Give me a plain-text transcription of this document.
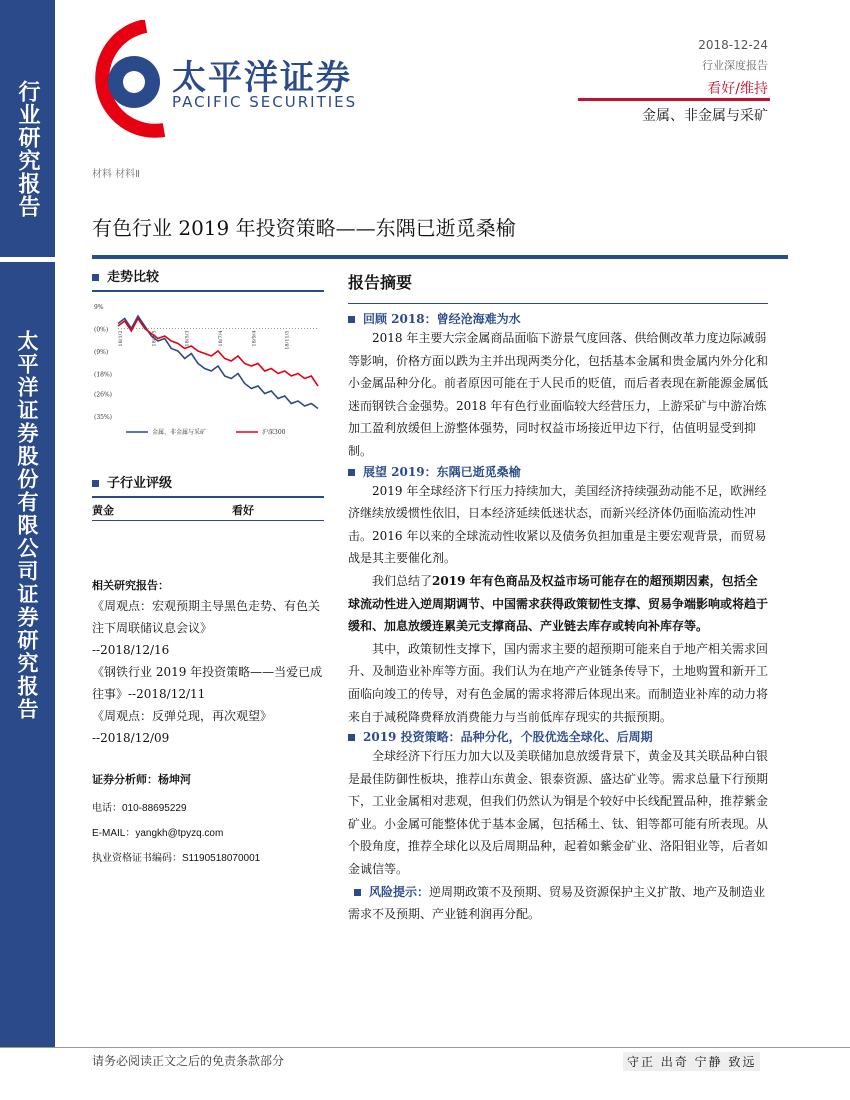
行业研究报告
太平洋证券股份有限公司证券研究报告
太平洋证券
PACIFIC SECURITIES
2018-12-24
行业深度报告
看好/维持
金属、非金属与采矿
材料 材料Ⅱ
有色行业 2019 年投资策略——东隅已逝觅桑榆
走势比较
9%
(0%)
(9%)
(18%)
(26%)
(35%)
18/1/2	18/3/5	18/5/3	18/7/4	18/9/4	18/11/5
金属、非金属与采矿	沪深300
子行业评级
黄金	看好
相关研究报告：
《周观点：宏观预期主导黑色走势、有色关注下周联储议息会议》
--2018/12/16
《钢铁行业 2019 年投资策略——当爱已成往事》--2018/12/11
《周观点：反弹兑现，再次观望》
--2018/12/09
证券分析师：杨坤河
电话：010-88695229
E-MAIL：yangkh@tpyzq.com
执业资格证书编码：S1190518070001
报告摘要
回顾 2018：曾经沧海难为水

2018 年主要大宗金属商品面临下游景气度回落、供给侧改革力度边际减弱等影响，价格方面以跌为主并出现两类分化，包括基本金属和贵金属内外分化和小金属品种分化。前者原因可能在于人民币的贬值，而后者表现在新能源金属低迷而钢铁合金强势。2018 年有色行业面临较大经营压力，上游采矿与中游冶炼加工盈利放缓但上游整体强势，同时权益市场接近甲边下行，估值明显受到抑制。

展望 2019：东隅已逝觅桑榆

2019 年全球经济下行压力持续加大，美国经济持续强劲动能不足，欧洲经济继续放缓惯性依旧，日本经济延续低迷状态，而新兴经济体仍面临流动性冲击。2016 年以来的全球流动性收紧以及债务负担加重是主要宏观背景，而贸易战是其主要催化剂。

我们总结了2019 年有色商品及权益市场可能存在的超预期因素，包括全球流动性进入逆周期调节、中国需求获得政策韧性支撑、贸易争端影响或将趋于缓和、加息放缓连累美元支撑商品、产业链去库存或转向补库存等。

其中，政策韧性支撑下，国内需求主要的超预期可能来自于地产相关需求回升、及制造业补库等方面。我们认为在地产产业链条传导下，土地购置和新开工面临向竣工的传导，对有色金属的需求将滞后体现出来。而制造业补库的动力将来自于减税降费释放消费能力与当前低库存现实的共振预期。

2019 投资策略：品种分化，个股优选全球化、后周期

全球经济下行压力加大以及美联储加息放缓背景下，黄金及其关联品种白银是最佳防御性板块，推荐山东黄金、银泰资源、盛达矿业等。需求总量下行预期下，工业金属相对悲观，但我们仍然认为铜是个较好中长线配置品种，推荐紫金矿业。小金属可能整体优于基本金属，包括稀土、钛、钼等都可能有所表现。从个股角度，推荐全球化以及后周期品种，起着如紫金矿业、洛阳钼业等，后者如金诚信等。

风险提示：逆周期政策不及预期、贸易及资源保护主义扩散、地产及制造业需求不及预期、产业链利润再分配。

请务必阅读正文之后的免责条款部分	守正 出奇 宁静 致远
